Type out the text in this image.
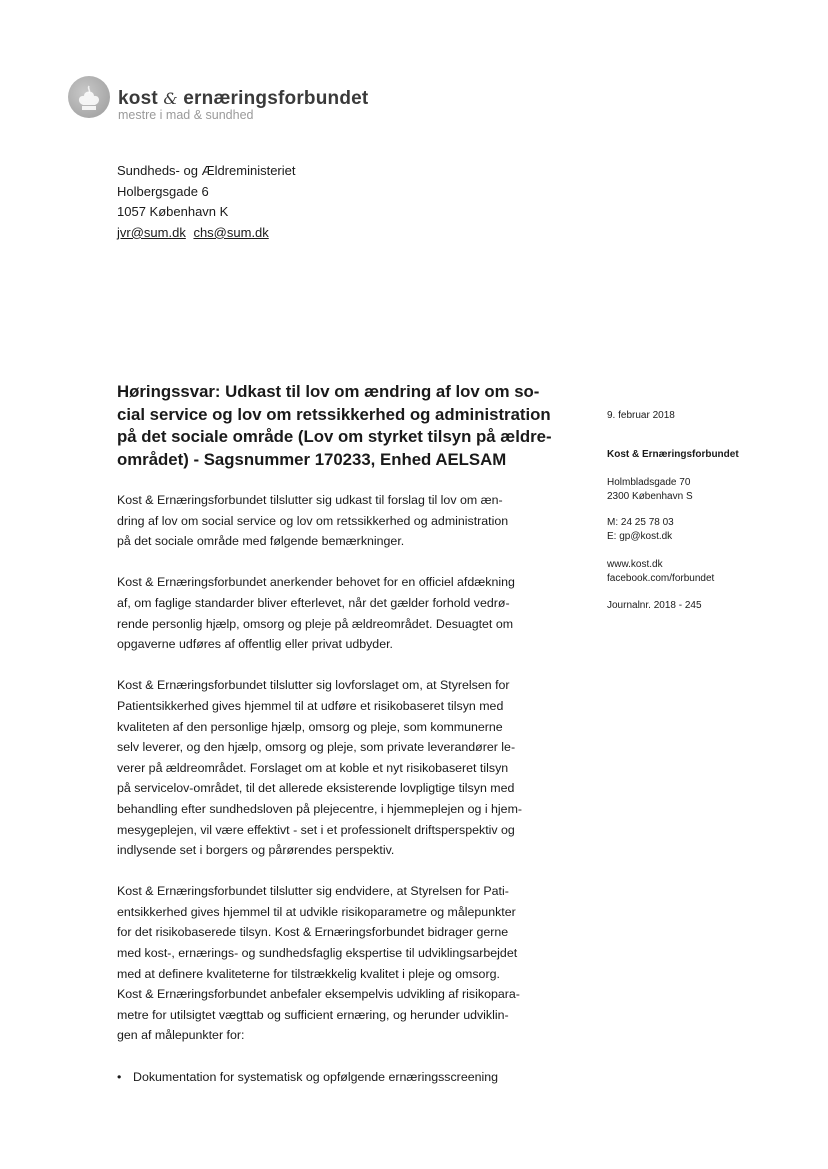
kost & ernæringsforbundet
mestre i mad & sundhed
Sundheds- og Ældreministeriet
Holbergsgade 6
1057 København K
jvr@sum.dk chs@sum.dk
Høringssvar: Udkast til lov om ændring af lov om so-
cial service og lov om retssikkerhed og administration
på det sociale område (Lov om styrket tilsyn på ældre-
området) - Sagsnummer 170233, Enhed AELSAM
Kost & Ernæringsforbundet tilslutter sig udkast til forslag til lov om æn-
dring af lov om social service og lov om retssikkerhed og administration
på det sociale område med følgende bemærkninger.
Kost & Ernæringsforbundet anerkender behovet for en officiel afdækning
af, om faglige standarder bliver efterlevet, når det gælder forhold vedrø-
rende personlig hjælp, omsorg og pleje på ældreområdet. Desuagtet om
opgaverne udføres af offentlig eller privat udbyder.
Kost & Ernæringsforbundet tilslutter sig lovforslaget om, at Styrelsen for
Patientsikkerhed gives hjemmel til at udføre et risikobaseret tilsyn med
kvaliteten af den personlige hjælp, omsorg og pleje, som kommunerne
selv leverer, og den hjælp, omsorg og pleje, som private leverandører le-
verer på ældreområdet. Forslaget om at koble et nyt risikobaseret tilsyn
på servicelov-området, til det allerede eksisterende lovpligtige tilsyn med
behandling efter sundhedsloven på plejecentre, i hjemmeplejen og i hjem-
mesygeplejen, vil være effektivt - set i et professionelt driftsperspektiv og
indlysende set i borgers og pårørendes perspektiv.
Kost & Ernæringsforbundet tilslutter sig endvidere, at Styrelsen for Pati-
entsikkerhed gives hjemmel til at udvikle risikoparametre og målepunkter
for det risikobaserede tilsyn. Kost & Ernæringsforbundet bidrager gerne
med kost-, ernærings- og sundhedsfaglig ekspertise til udviklingsarbejdet
med at definere kvaliteterne for tilstrækkelig kvalitet i pleje og omsorg.
Kost & Ernæringsforbundet anbefaler eksempelvis udvikling af risikopara-
metre for utilsigtet vægttab og sufficient ernæring, og herunder udviklin-
gen af målepunkter for:
• Dokumentation for systematisk og opfølgende ernæringsscreening
9. februar 2018
Kost & Ernæringsforbundet
Holmbladsgade 70
2300 København S
M: 24 25 78 03
E: gp@kost.dk
www.kost.dk
facebook.com/forbundet
Journalnr. 2018 - 245
